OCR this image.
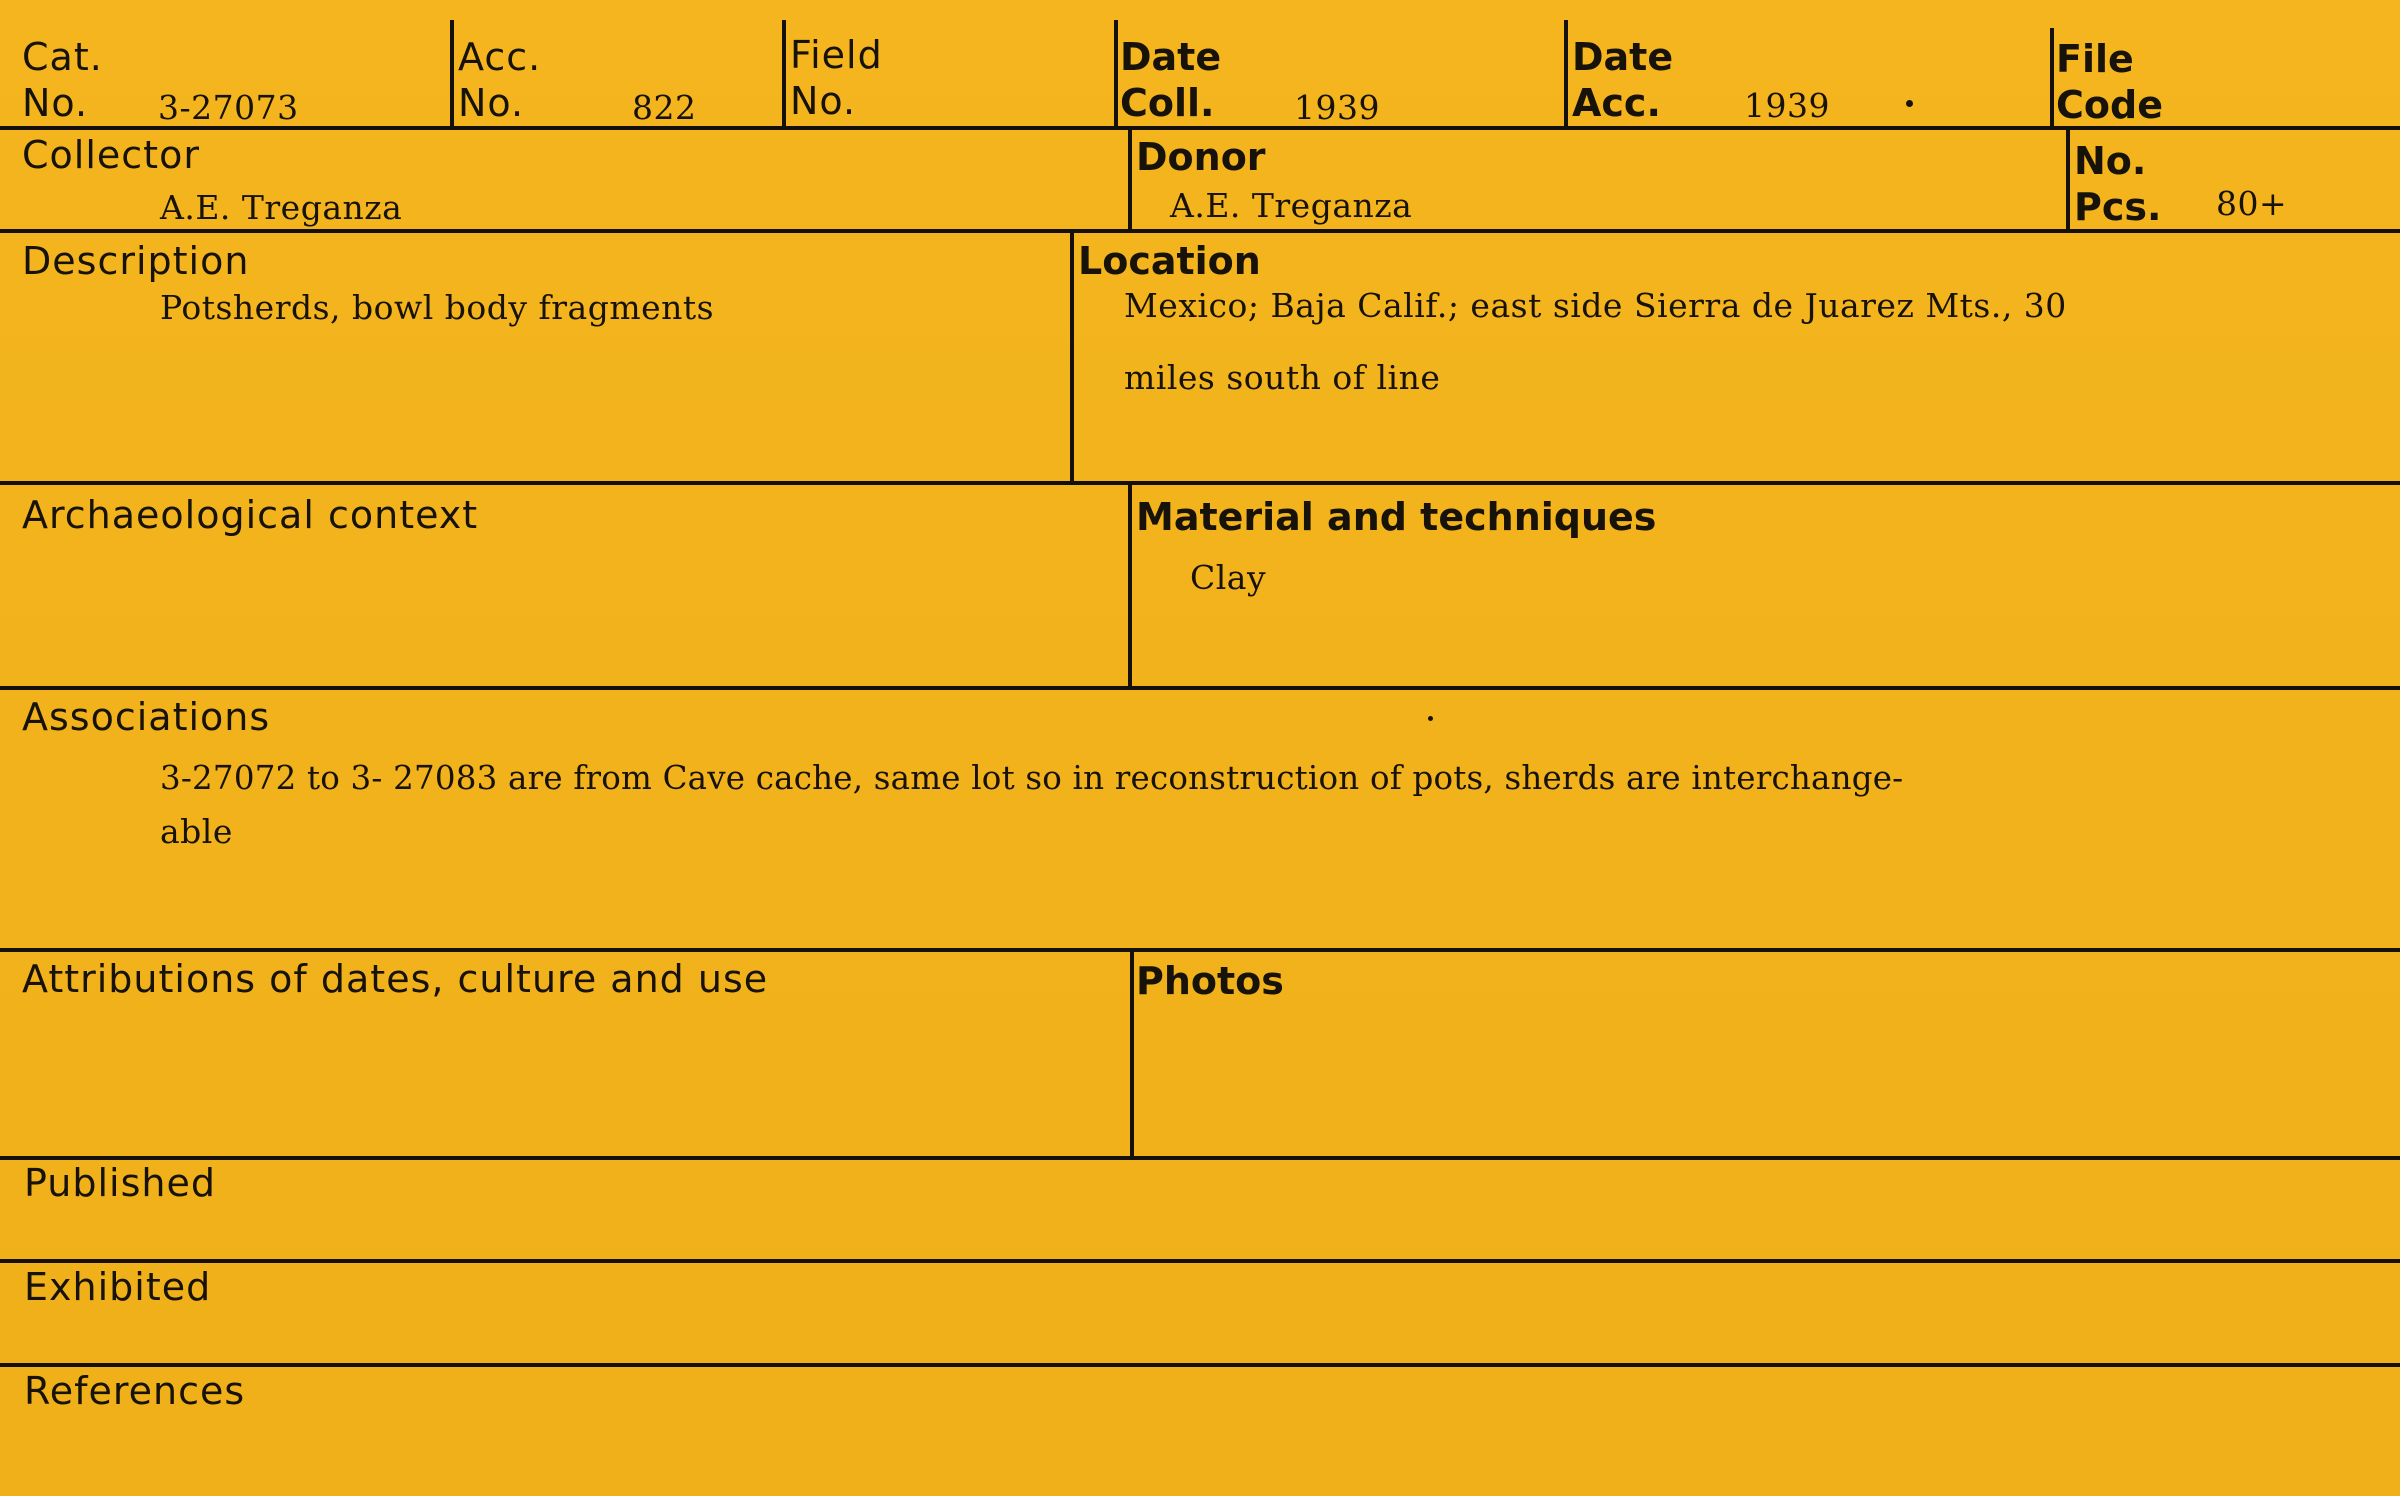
Cat.
No. 3-27073
Acc.
No.	822
Field
No.
Date
Coll. 1939
Date
Acc.	1939
File
Code
Collector
A.E. Treganza
Donor
A.E. Treganza
No.
Pcs. 80+
Description
Potsherds, bowl body fragments
Location
Mexico; Baja Calif.; east side Sierra de Juarez Mts., 30
miles south of line
Archaeological context	Material and techniques
Clay
Associations
3-27072 to 3- 27083 are from Cave cache, same lot so in reconstruction of pots, sherds are interchange-
able
Attributions of dates, culture and use	Photos
Published
Exhibited
References
